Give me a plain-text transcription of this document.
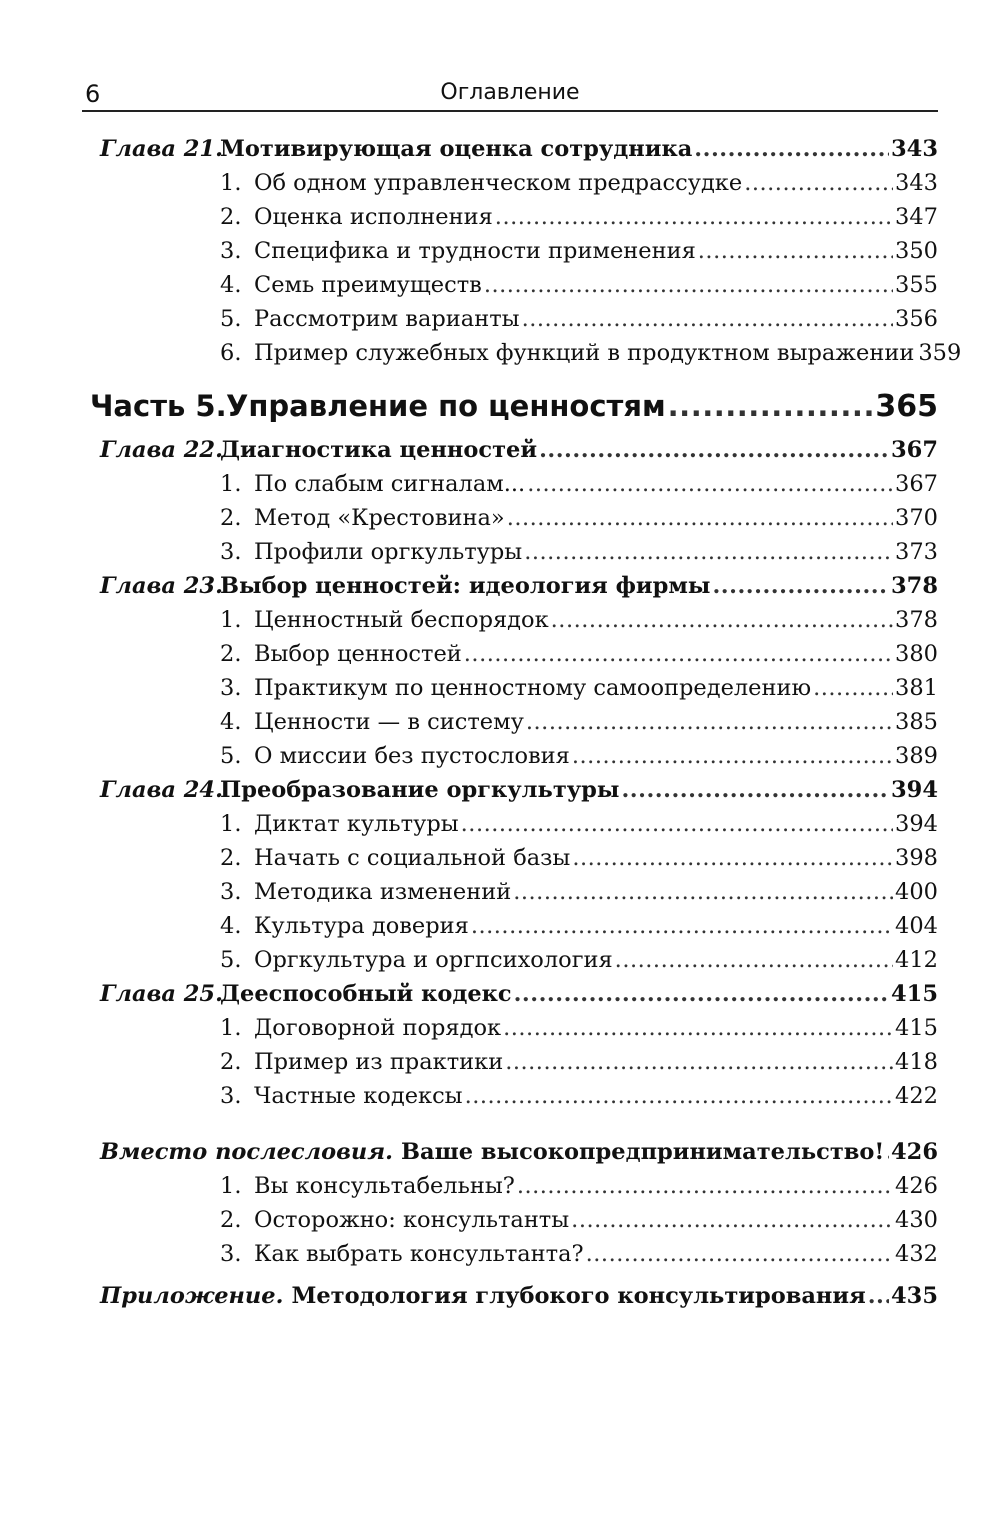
6	Оглавление
Глава 21.
Мотивирующая оценка сотрудника .....	343
1. Об одном управленческом предрассудке .....	343
2. Оценка исполнения .....	347
3. Специфика и трудности применения .....	350
4. Семь преимуществ .....	355
5. Рассмотрим варианты .....	356
6. Пример служебных функций в продуктном выражении 359
Часть 5. Управление по ценностям .....	365
Глава 22.
Диагностика ценностей .....	367
1. По слабым сигналам... .....	367
2. Метод «Крестовина» .....	370
3. Профили оргкультуры .....	373
Глава 23.
Выбор ценностей: идеология фирмы .....	378
1. Ценностный беспорядок .....	378
2. Выбор ценностей .....	380
3. Практикум по ценностному самоопределению .....	381
4. Ценности — в систему .....	385
5. О миссии без пустословия .....	389
Глава 24.
Преобразование оргкультуры .....	394
1. Диктат культуры .....	394
2. Начать с социальной базы .....	398
3. Методика изменений .....	400
4. Культура доверия .....	404
5. Оргкультура и оргпсихология .....	412
Глава 25.
Дееспособный кодекс .....	415
1. Договорной порядок .....	415
2. Пример из практики .....	418
3. Частные кодексы .....	422
Вместо послесловия. Ваше высокопредпринимательство! ..... 426
1. Вы консультабельны? .....	426
2. Осторожно: консультанты .....	430
3. Как выбрать консультанта? .....	432
Приложение. Методология глубокого консультирования ..... 435
